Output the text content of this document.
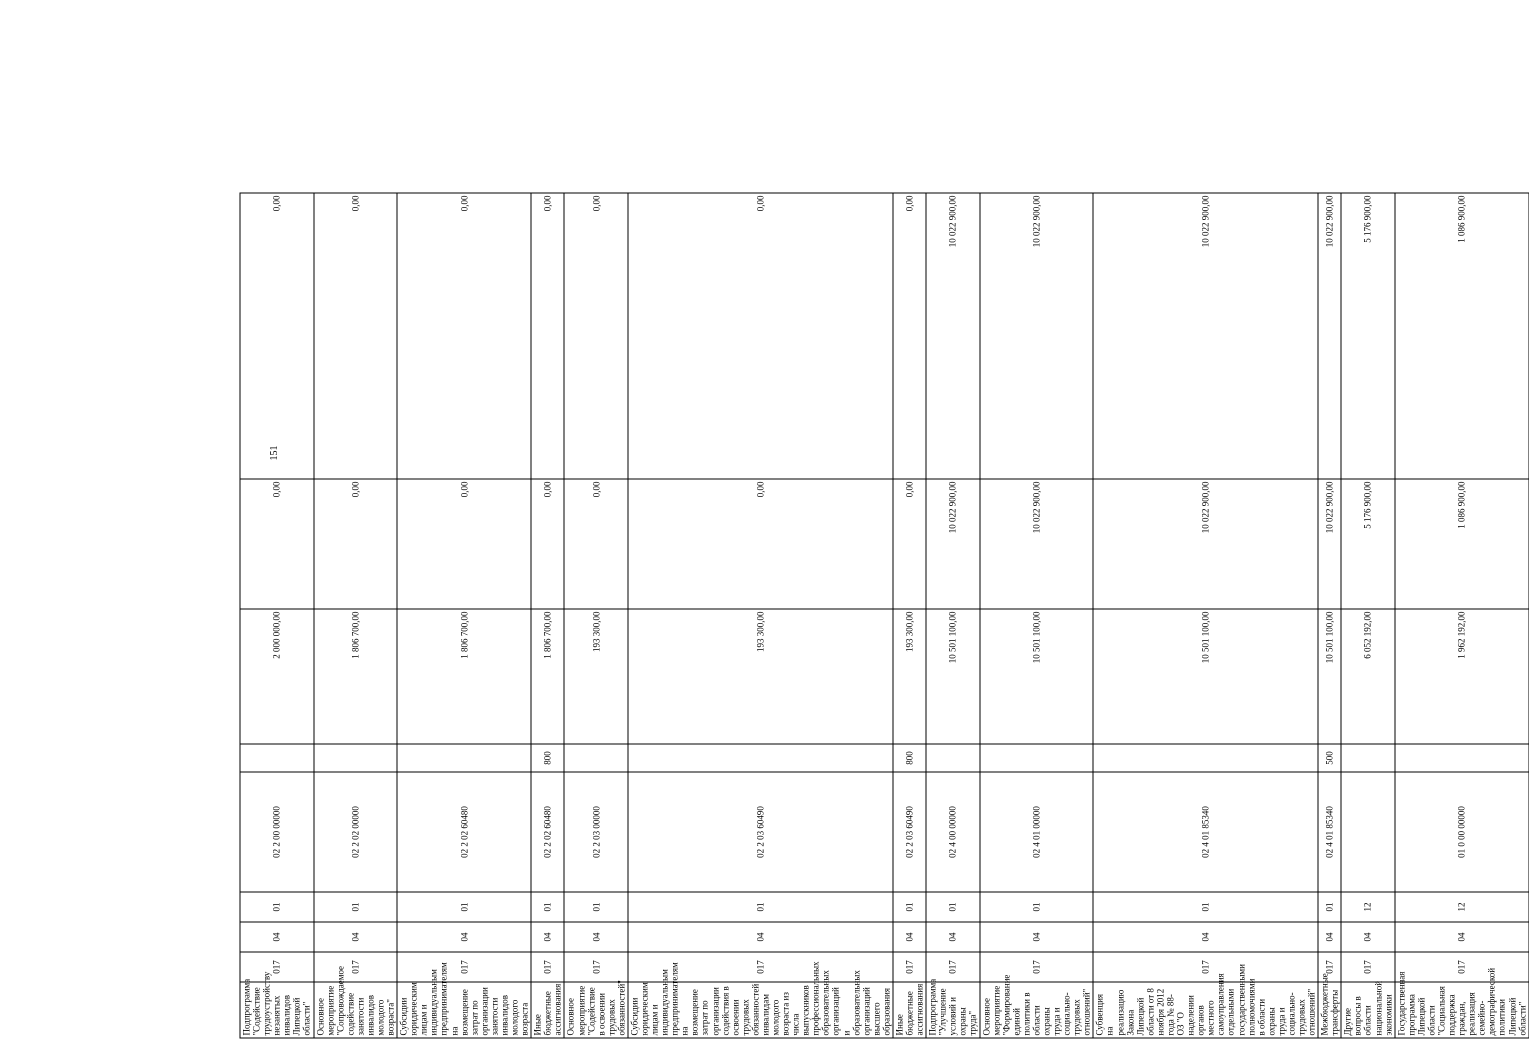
151
Подпрограмма "Содействие трудоустройству незанятых инвалидов Липецкой области"	017	04	01	02 2 00 00000		2 000 000,00	0,00	0,00
Основное мероприятие "Сопровождаемое содействие занятости инвалидов молодого возраста"	017	04	01	02 2 02 00000		1 806 700,00	0,00	0,00
Субсидии юридическим лицам и индивидуальным предпринимателям на возмещение затрат по организации занятости инвалидов молодого возраста	017	04	01	02 2 02 60480		1 806 700,00	0,00	0,00
Иные бюджетные ассигнования	017	04	01	02 2 02 60480	800	1 806 700,00	0,00	0,00
Основное мероприятие "Содействие в освоении трудовых обязанностей"	017	04	01	02 2 03 00000		193 300,00	0,00	0,00
Субсидии юридическим лицам и индивидуальным предпринимателям на возмещение затрат по организации содействия в освоении трудовых обязанностей инвалидам молодого возраста из числа выпускников профессиональных образовательных организаций и образовательных организаций высшего образования	017	04	01	02 2 03 60490		193 300,00	0,00	0,00
Иные бюджетные ассигнования	017	04	01	02 2 03 60490	800	193 300,00	0,00	0,00
Подпрограмма "Улучшение условий и охраны труда"	017	04	01	02 4 00 00000		10 501 100,00	10 022 900,00	10 022 900,00
Основное мероприятие "Формирование единой политики в области охраны труда и социально-трудовых отношений"	017	04	01	02 4 01 00000		10 501 100,00	10 022 900,00	10 022 900,00
Субвенция на реализацию Закона Липецкой области от 8 ноября 2012 года № 88-ОЗ "О наделении органов местного самоуправления отдельными государственными полномочиями в области охраны труда и социально-трудовых отношений"	017	04	01	02 4 01 85340		10 501 100,00	10 022 900,00	10 022 900,00
Межбюджетные трансферты	017	04	01	02 4 01 85340	500	10 501 100,00	10 022 900,00	10 022 900,00
Другие вопросы в области национальной экономики	017	04	12			6 052 192,00	5 176 900,00	5 176 900,00
Государственная программа Липецкой области "Социальная поддержка граждан, реализация семейно-демографической политики Липецкой области"	017	04	12	01 0 00 00000		1 962 192,00	1 086 900,00	1 086 900,00
